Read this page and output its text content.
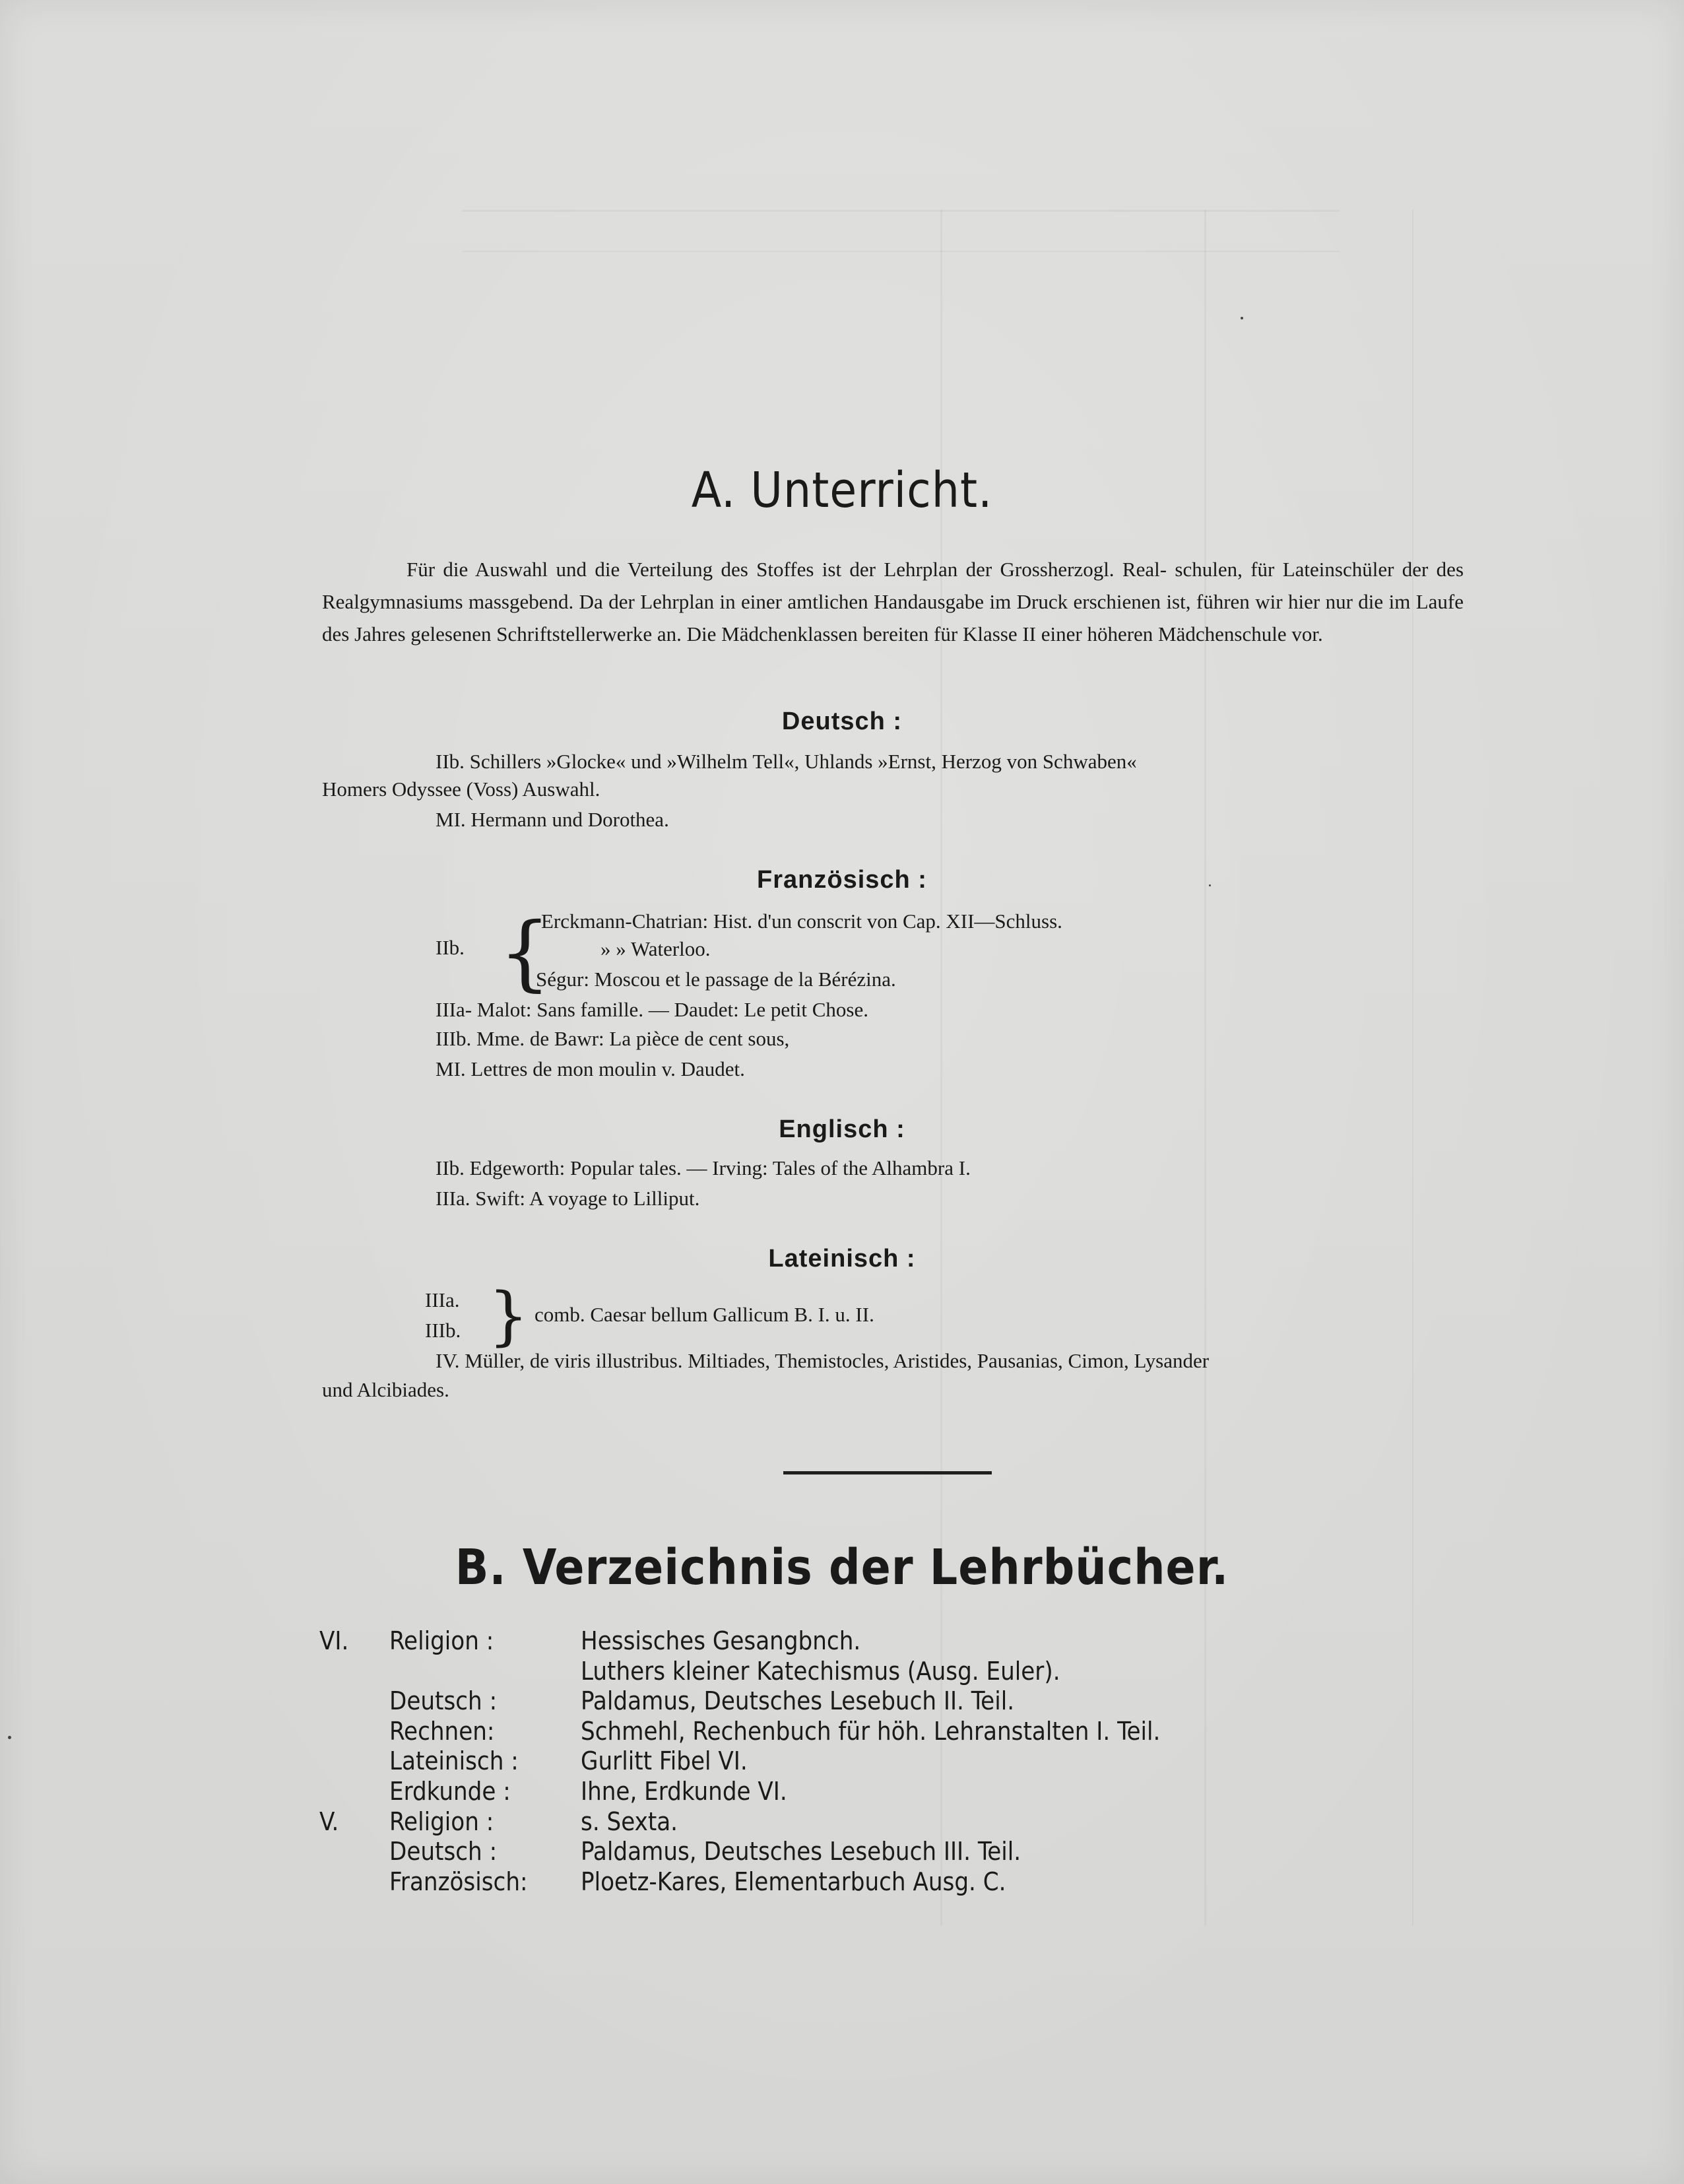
A. Unterricht.

Für die Auswahl und die Verteilung des Stoffes ist der Lehrplan der Grossherzogl. Real- schulen, für Lateinschüler der des Realgymnasiums massgebend. Da der Lehrplan in einer amtlichen Handausgabe im Druck erschienen ist, führen wir hier nur die im Laufe des Jahres gelesenen Schriftstellerwerke an. Die Mädchenklassen bereiten für Klasse II einer höheren Mädchenschule vor.

Deutsch :

IIb. Schillers »Glocke« und »Wilhelm Tell«, Uhlands »Ernst, Herzog von Schwaben«

Homers Odyssee (Voss) Auswahl.

MI. Hermann und Dorothea.

Französisch :

IIb. {

Erckmann-Chatrian: Hist. d'un conscrit von Cap. XII—Schluss.

» » Waterloo.

Ségur: Moscou et le passage de la Bérézina.

IIIa- Malot: Sans famille. — Daudet: Le petit Chose.

IIIb. Mme. de Bawr: La pièce de cent sous,

MI. Lettres de mon moulin v. Daudet.

Englisch :

IIb. Edgeworth: Popular tales. — Irving: Tales of the Alhambra I.

IIIa. Swift: A voyage to Lilliput.

Lateinisch :

IIIa.

IIIb. { comb. Caesar bellum Gallicum B. I. u. II.

IV. Müller, de viris illustribus. Miltiades, Themistocles, Aristides, Pausanias, Cimon, Lysander

und Alcibiades.

B. Verzeichnis der Lehrbücher.
VI. Religion :	Hessisches Gesangbnch.
Luthers kleiner Katechismus (Ausg. Euler).
Deutsch :	Paldamus, Deutsches Lesebuch II. Teil.
Rechnen:	Schmehl, Rechenbuch für höh. Lehranstalten I. Teil.
Lateinisch : Gurlitt Fibel VI.
Erdkunde :	Ihne, Erdkunde VI.
V. Religion :	s. Sexta.
Deutsch :	Paldamus, Deutsches Lesebuch III. Teil.
Französisch: Ploetz-Kares, Elementarbuch Ausg. C.
